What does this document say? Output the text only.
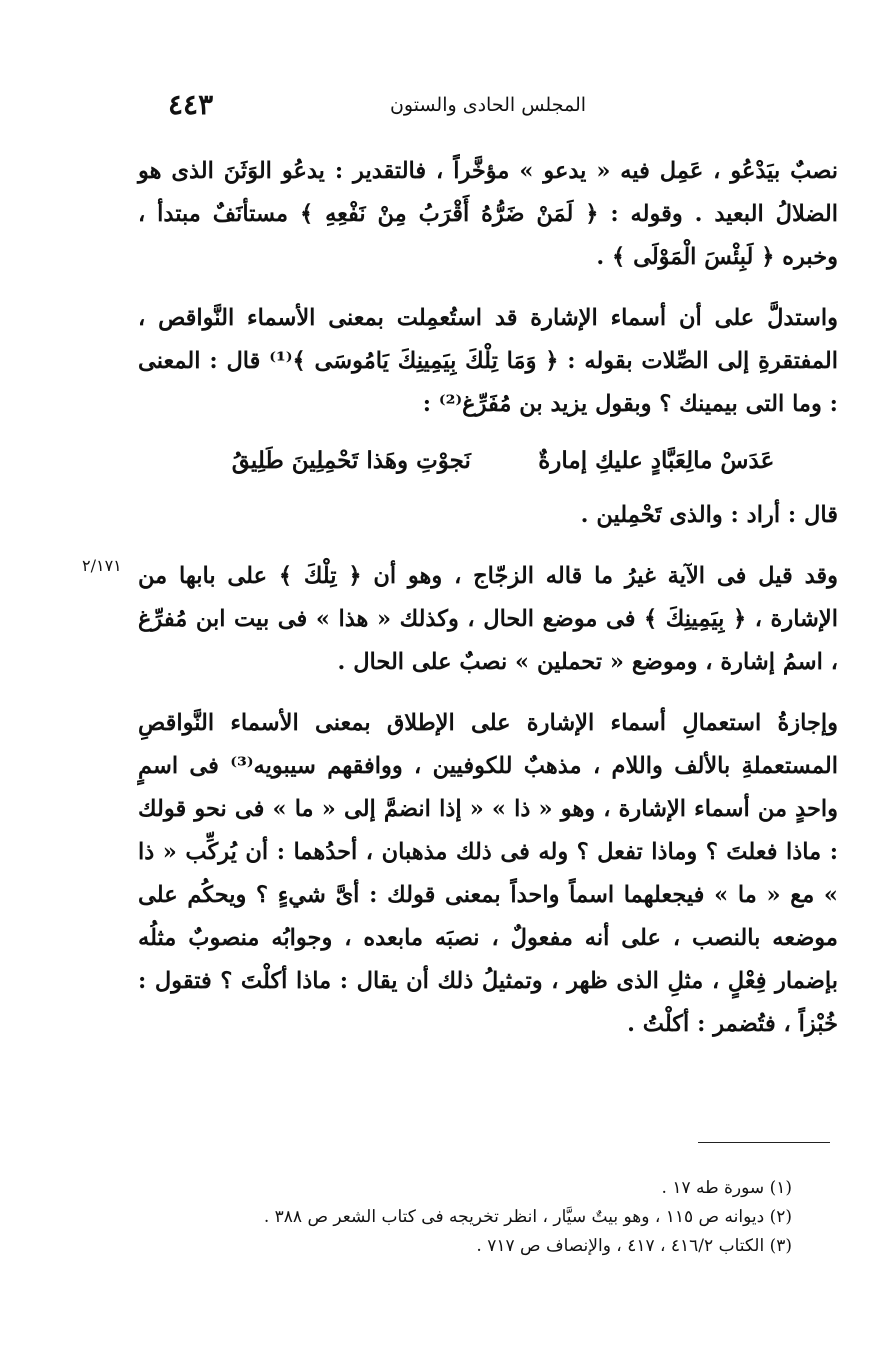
المجلس الحادى والستون
٤٤٣
٢/١٧١

نصبٌ بيَدْعُو ، عَمِل فيه « يدعو » مؤخَّراً ، فالتقدير : يدعُو الوَثَنَ الذى هو الضلالُ البعيد . وقوله : ﴿ لَمَنْ ضَرُّهُ أَقْرَبُ مِنْ نَفْعِهِ ﴾ مستأنَفٌ مبتدأ ، وخبره ﴿ لَبِئْسَ الْمَوْلَى ﴾ .

واستدلَّ على أن أسماء الإشارة قد استُعمِلت بمعنى الأسماء النَّواقص ، المفتقرةِ إلى الصِّلات بقوله : ﴿ وَمَا تِلْكَ بِيَمِينِكَ يَامُوسَى ﴾⁽¹⁾ قال : المعنى : وما التى بيمينك ؟ وبقول يزيد بن مُفَرِّغ⁽²⁾ :

عَدَسْ مالِعَبَّادٍ عليكِ إمارةٌ
نَجوْتِ وهَذا تَحْمِلِينَ طَلِيقُ

قال : أراد : والذى تَحْمِلين .

وقد قيل فى الآية غيرُ ما قاله الزجّاج ، وهو أن ﴿ تِلْكَ ﴾ على بابها من الإشارة ، ﴿ بِيَمِينِكَ ﴾ فى موضع الحال ، وكذلك « هذا » فى بيت ابن مُفرِّغ ، اسمُ إشارة ، وموضع « تحملين » نصبٌ على الحال .

وإجازةُ استعمالِ أسماء الإشارة على الإطلاق بمعنى الأسماء النَّواقصِ المستعملةِ بالألف واللام ، مذهبٌ للكوفيين ، ووافقهم سيبويه⁽³⁾ فى اسمٍ واحدٍ من أسماء الإشارة ، وهو « ذا » « إذا انضمَّ إلى « ما » فى نحو قولك : ماذا فعلتَ ؟ وماذا تفعل ؟ وله فى ذلك مذهبان ، أحدُهما : أن يُركِّب « ذا » مع « ما » فيجعلهما اسماً واحداً بمعنى قولك : أىَّ شيءٍ ؟ ويحكُم على موضعه بالنصب ، على أنه مفعولٌ ، نصبَه مابعده ، وجوابُه منصوبٌ مثلُه بإضمار فِعْلٍ ، مثلِ الذى ظهر ، وتمثيلُ ذلك أن يقال : ماذا أكلْتَ ؟ فتقول : خُبْزاً ، فتُضمر : أكلْتُ .

(١) سورة طه ١٧ .

(٢) ديوانه ص ١١٥ ، وهو بيتٌ سيَّار ، انظر تخريجه فى كتاب الشعر ص ٣٨٨ .

(٣) الكتاب ٤١٦/٢ ، ٤١٧ ، والإنصاف ص ٧١٧ .
